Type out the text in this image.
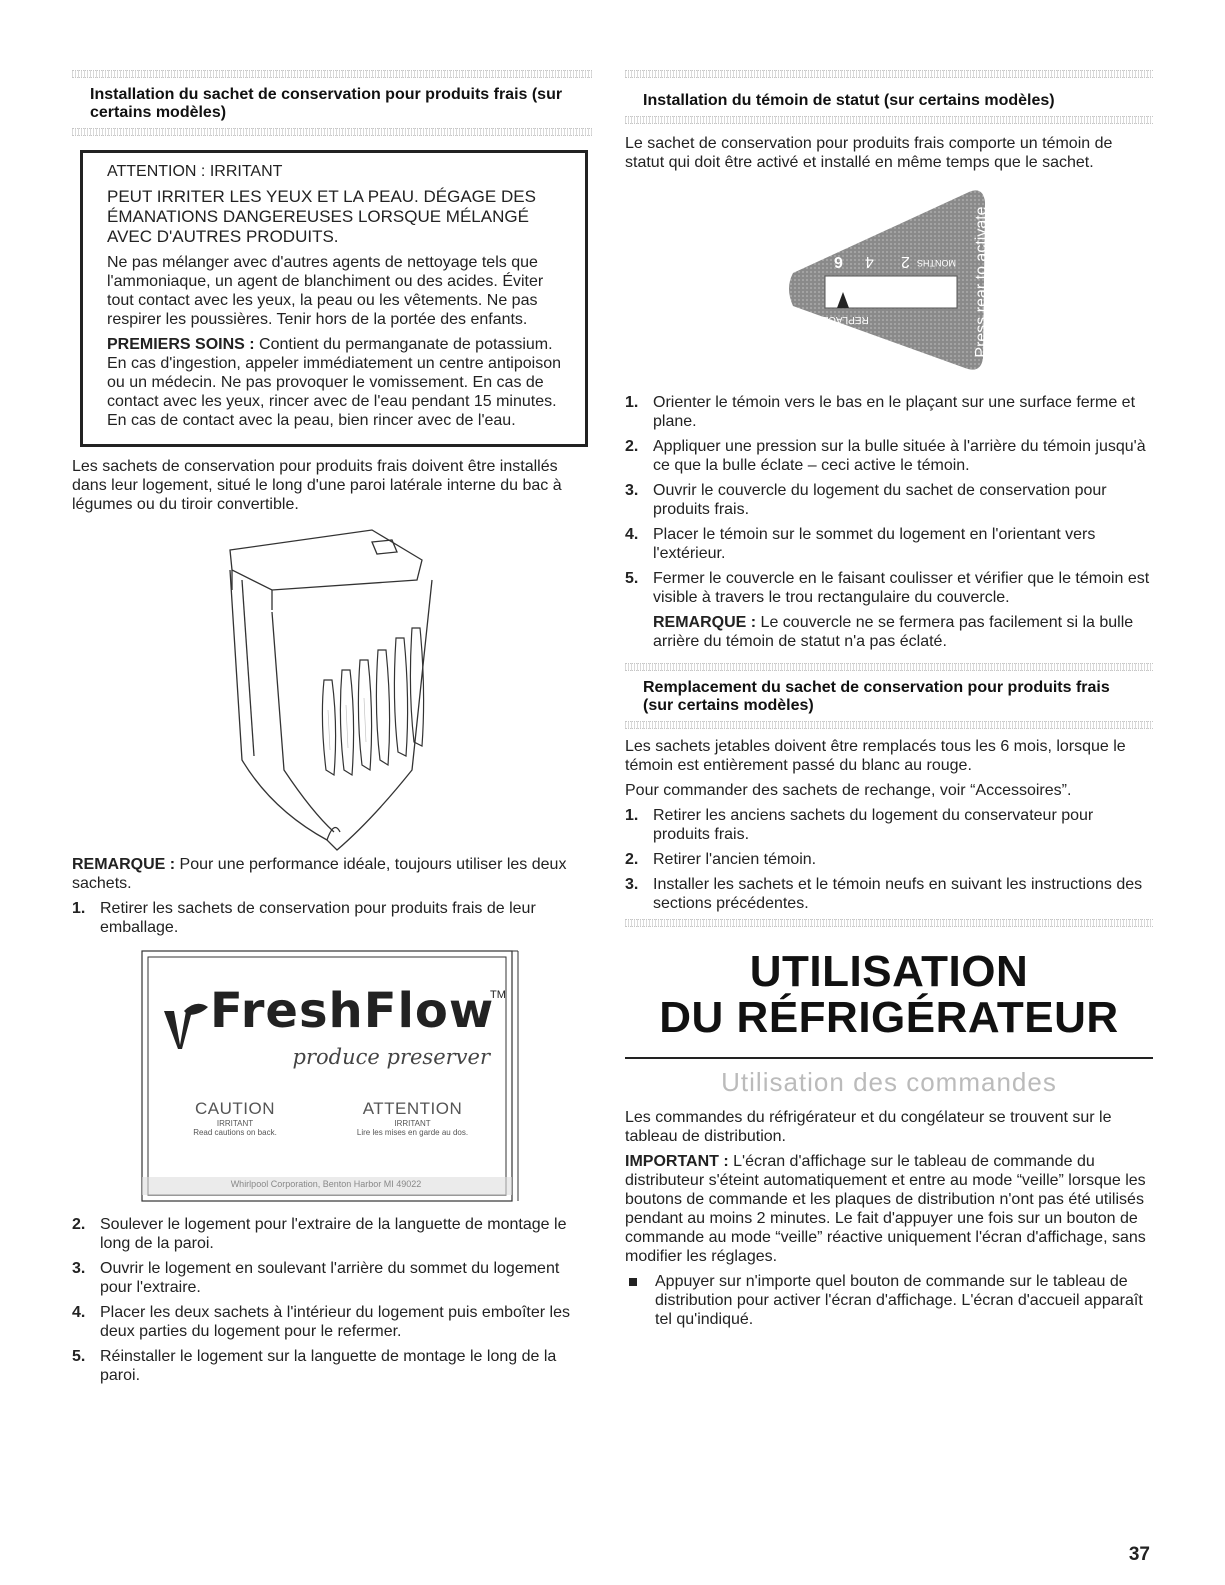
Installation du sachet de conservation pour produits frais (sur certains modèles)
ATTENTION : IRRITANT
PEUT IRRITER LES YEUX ET LA PEAU. DÉGAGE DES ÉMANATIONS DANGEREUSES LORSQUE MÉLANGÉ AVEC D'AUTRES PRODUITS.

Ne pas mélanger avec d'autres agents de nettoyage tels que l'ammoniaque, un agent de blanchiment ou des acides. Éviter tout contact avec les yeux, la peau ou les vêtements. Ne pas respirer les poussières. Tenir hors de la portée des enfants.

PREMIERS SOINS : Contient du permanganate de potassium. En cas d'ingestion, appeler immédiatement un centre antipoison ou un médecin. Ne pas provoquer le vomissement. En cas de contact avec les yeux, rincer avec de l'eau pendant 15 minutes. En cas de contact avec la peau, bien rincer avec de l'eau.

Les sachets de conservation pour produits frais doivent être installés dans leur logement, situé le long d'une paroi latérale interne du bac à légumes ou du tiroir convertible.

REMARQUE : Pour une performance idéale, toujours utiliser les deux sachets.

1. Retirer les sachets de conservation pour produits frais de leur emballage.
FreshFlow
TM
produce preserver
CAUTION
IRRITANT
Read cautions on back.
ATTENTION
IRRITANT
Lire les mises en garde au dos.
Whirlpool Corporation, Benton Harbor MI 49022
2. Soulever le logement pour l'extraire de la languette de montage le long de la paroi.
3. Ouvrir le logement en soulevant l'arrière du sommet du logement pour l'extraire.
4. Placer les deux sachets à l'intérieur du logement puis emboîter les deux parties du logement pour le refermer.
5. Réinstaller le logement sur la languette de montage le long de la paroi.
Installation du témoin de statut (sur certains modèles)

Le sachet de conservation pour produits frais comporte un témoin de statut qui doit être activé et installé en même temps que le sachet.

6 4 2 MONTHS
REPLACE	Press rear to activate
1. Orienter le témoin vers le bas en le plaçant sur une surface ferme et plane.
2. Appliquer une pression sur la bulle située à l'arrière du témoin jusqu'à ce que la bulle éclate – ceci active le témoin.
3. Ouvrir le couvercle du logement du sachet de conservation pour produits frais.
4. Placer le témoin sur le sommet du logement en l'orientant vers l'extérieur.
5. Fermer le couvercle en le faisant coulisser et vérifier que le témoin est visible à travers le trou rectangulaire du couvercle.

REMARQUE : Le couvercle ne se fermera pas facilement si la bulle arrière du témoin de statut n'a pas éclaté.

Remplacement du sachet de conservation pour produits frais (sur certains modèles)

Les sachets jetables doivent être remplacés tous les 6 mois, lorsque le témoin est entièrement passé du blanc au rouge.

Pour commander des sachets de rechange, voir “Accessoires”.

1. Retirer les anciens sachets du logement du conservateur pour produits frais.
2. Retirer l'ancien témoin.
3. Installer les sachets et le témoin neufs en suivant les instructions des sections précédentes.
UTILISATION
DU RÉFRIGÉRATEUR
Utilisation des commandes

Les commandes du réfrigérateur et du congélateur se trouvent sur le tableau de distribution.

IMPORTANT : L'écran d'affichage sur le tableau de commande du distributeur s'éteint automatiquement et entre au mode “veille” lorsque les boutons de commande et les plaques de distribution n'ont pas été utilisés pendant au moins 2 minutes. Le fait d'appuyer une fois sur un bouton de commande au mode “veille” réactive uniquement l'écran d'affichage, sans modifier les réglages.

Appuyer sur n'importe quel bouton de commande sur le tableau de distribution pour activer l'écran d'affichage. L'écran d'accueil apparaît tel qu'indiqué.
37
